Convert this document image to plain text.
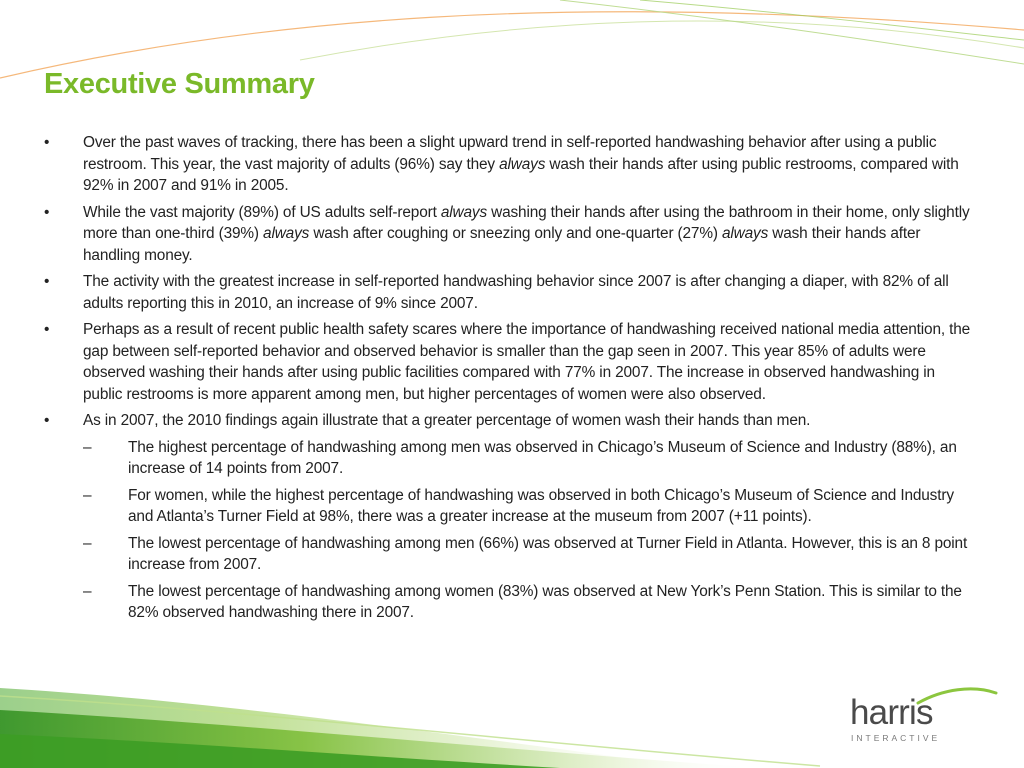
Executive Summary
• Over the past waves of tracking, there has been a slight upward trend in self-reported handwashing behavior after using a public restroom. This year, the vast majority of adults (96%) say they always wash their hands after using public restrooms, compared with 92% in 2007 and 91% in 2005.
• While the vast majority (89%) of US adults self-report always washing their hands after using the bathroom in their home, only slightly more than one-third (39%) always wash after coughing or sneezing only and one-quarter (27%) always wash their hands after handling money.
• The activity with the greatest increase in self-reported handwashing behavior since 2007 is after changing a diaper, with 82% of all adults reporting this in 2010, an increase of 9% since 2007.
• Perhaps as a result of recent public health safety scares where the importance of handwashing received national media attention, the gap between self-reported behavior and observed behavior is smaller than the gap seen in 2007. This year 85% of adults were observed washing their hands after using public facilities compared with 77% in 2007. The increase in observed handwashing in public restrooms is more apparent among men, but higher percentages of women were also observed.
• As in 2007, the 2010 findings again illustrate that a greater percentage of women wash their hands than men.
– The highest percentage of handwashing among men was observed in Chicago’s Museum of Science and Industry (88%), an increase of 14 points from 2007.
– For women, while the highest percentage of handwashing was observed in both Chicago’s Museum of Science and Industry and Atlanta’s Turner Field at 98%, there was a greater increase at the museum from 2007 (+11 points).
– The lowest percentage of handwashing among men (66%) was observed at Turner Field in Atlanta. However, this is an 8 point increase from 2007.
– The lowest percentage of handwashing among women (83%) was observed at New York’s Penn Station. This is similar to the 82% observed handwashing there in 2007.
harris
INTERACTIVE
